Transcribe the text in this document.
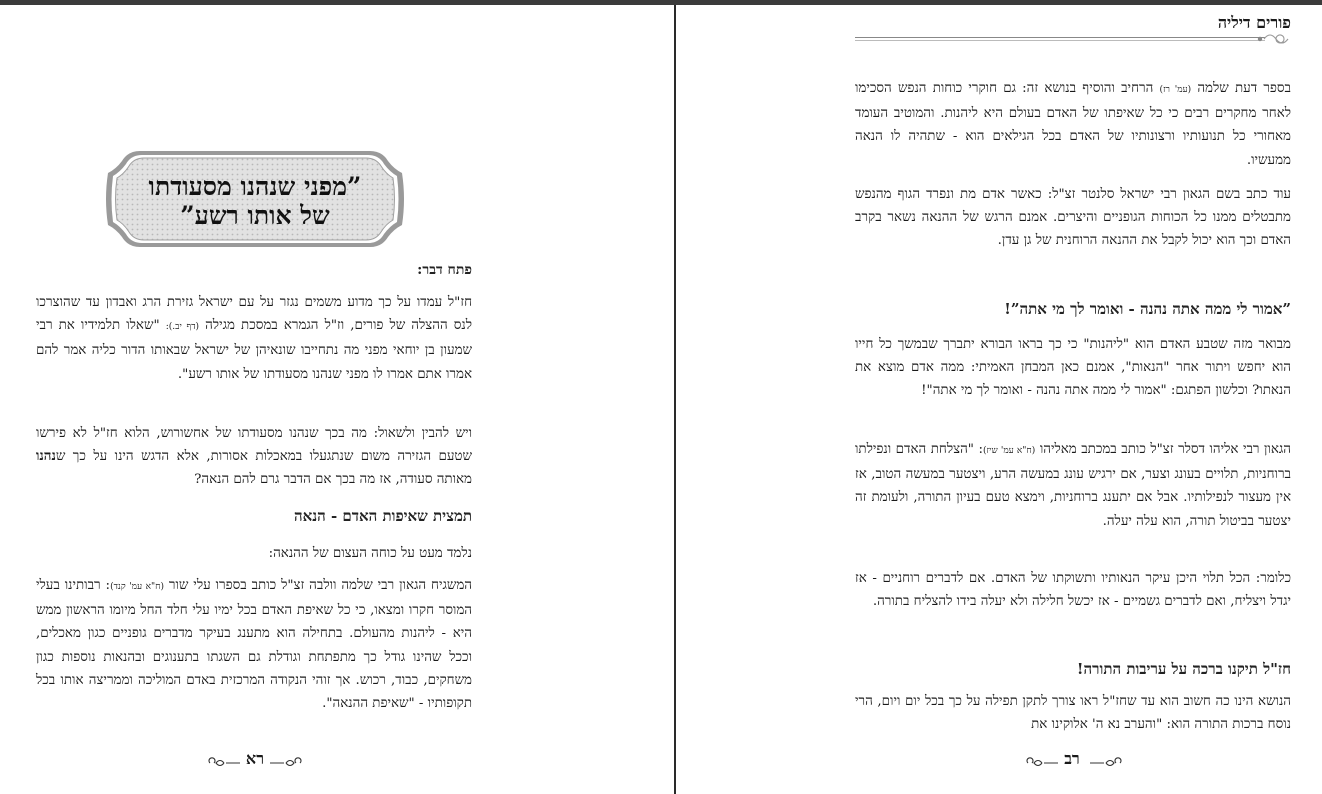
”מפני שנהנו מסעודתו
של אותו רשע”
פתח דבר:

חז"ל עמדו על כך מדוע משמים נגזר על עם ישראל גזירת הרג ואבדון עד שהוצרכו לנס ההצלה של פורים, וז"ל הגמרא במסכת מגילה (דף יב.): "שאלו תלמידיו את רבי שמעון בן יוחאי מפני מה נתחייבו שונאיהן של ישראל שבאותו הדור כליה אמר להם אמרו אתם אמרו לו מפני שנהנו מסעודתו של אותו רשע".

ויש להבין ולשאול: מה בכך שנהנו מסעודתו של אחשורוש, הלוא חז"ל לא פירשו שטעם הגזירה משום שנתגעלו במאכלות אסורות, אלא הדגש הינו על כך שנהנו מאותה סעודה, אז מה בכך אם הדבר גרם להם הנאה?

תמצית שאיפות האדם - הנאה

נלמד מעט על כוחה העצום של ההנאה:

המשגיח הגאון רבי שלמה וולבה זצ"ל כותב בספרו עלי שור (ח"א עמ' קנד): רבותינו בעלי המוסר חקרו ומצאו, כי כל שאיפת האדם בכל ימיו עלי חלד החל מיומו הראשון ממש היא - ליהנות מהעולם. בתחילה הוא מתענג בעיקר מדברים גופניים כגון מאכלים, וככל שהינו גודל כך מתפתחת וגודלת גם השגתו בתענוגים ובהנאות נוספות כגון משחקים, כבוד, רכוש. אך זוהי הנקודה המרכזית באדם המוליכה וממריצה אותו בכל תקופותיו - "שאיפת ההנאה".

רא
פורים דיליה

בספר דעת שלמה (עמ' רז) הרחיב והוסיף בנושא זה: גם חוקרי כוחות הנפש הסכימו לאחר מחקרים רבים כי כל שאיפתו של האדם בעולם היא ליהנות. והמוטיב העומד מאחורי כל תנועותיו ורצונותיו של האדם בכל הגילאים הוא - שתהיה לו הנאה ממעשיו.

עוד כתב בשם הגאון רבי ישראל סלנטר זצ"ל: כאשר אדם מת ונפרד הגוף מהנפש מתבטלים ממנו כל הכוחות הגופניים והיצרים. אמנם הרגש של ההנאה נשאר בקרב האדם וכך הוא יכול לקבל את ההנאה הרוחנית של גן עדן.

”אמור לי ממה אתה נהנה - ואומר לך מי אתה”!

מבואר מזה שטבע האדם הוא "ליהנות" כי כך בראו הבורא יתברך שבמשך כל חייו הוא יחפש ויתור אחר "הנאות", אמנם כאן המבחן האמיתי: ממה אדם מוצא את הנאתו? וכלשון הפתגם: "אמור לי ממה אתה נהנה - ואומר לך מי אתה"!

הגאון רבי אליהו דסלר זצ"ל כותב במכתב מאליהו (ח"א עמ' שיז): "הצלחת האדם ונפילתו ברוחניות, תלויים בעונג וצער, אם ירגיש עונג במעשה הרע, ויצטער במעשה הטוב, אז אין מעצור לנפילותיו. אבל אם יתענג ברוחניות, וימצא טעם בעיון התורה, ולעומת זה יצטער בביטול תורה, הוא עלה יעלה.

כלומר: הכל תלוי היכן עיקר הנאותיו ותשוקתו של האדם. אם לדברים רוחניים - אז יגדל ויצליח, ואם לדברים גשמיים - אז יכשל חלילה ולא יעלה בידו להצליח בתורה.

חז"ל תיקנו ברכה על עריבות התורה!

הנושא הינו כה חשוב הוא עד שחז"ל ראו צורך לתקן תפילה על כך בכל יום ויום, הרי נוסח ברכות התורה הוא: "והערב נא ה' אלוקינו את

רב
